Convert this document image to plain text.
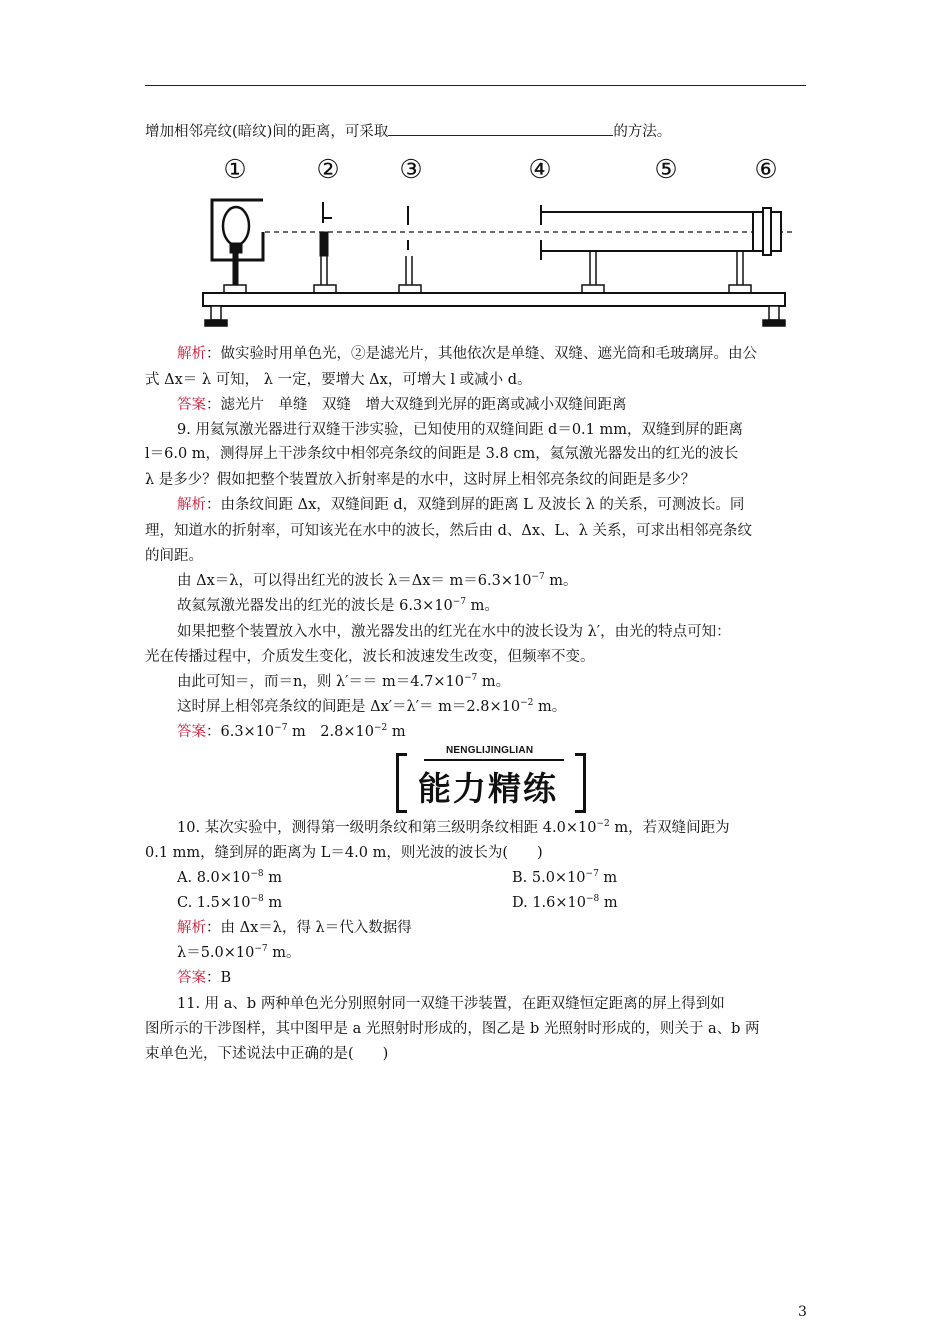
增加相邻亮纹(暗纹)间的距离，可采取	的方法。
①	② ③	④	⑤	⑥
解析：做实验时用单色光，②是滤光片，其他依次是单缝、双缝、遮光筒和毛玻璃屏。由公
式 Δx＝ λ 可知， λ 一定，要增大 Δx，可增大 l 或减小 d。
答案：滤光片　单缝　双缝　增大双缝到光屏的距离或减小双缝间距离
9. 用氦氖激光器进行双缝干涉实验，已知使用的双缝间距 d＝0.1 mm，双缝到屏的距离
l＝6.0 m，测得屏上干涉条纹中相邻亮条纹的间距是 3.8 cm，氦氖激光器发出的红光的波长
λ 是多少？假如把整个装置放入折射率是的水中，这时屏上相邻亮条纹的间距是多少？
解析：由条纹间距 Δx，双缝间距 d，双缝到屏的距离 L 及波长 λ 的关系，可测波长。同
理，知道水的折射率，可知该光在水中的波长，然后由 d、Δx、L、λ 关系，可求出相邻亮条纹
的间距。
由 Δx＝λ，可以得出红光的波长 $\lambda=\Delta x= m=6.3\times 10^{-7}$ m。
故氦氖激光器发出的红光的波长是 $6.3\times 10^{-7}$ m。
如果把整个装置放入水中，激光器发出的红光在水中的波长设为 λ′，由光的特点可知：
光在传播过程中，介质发生变化，波长和波速发生改变，但频率不变。
由此可知＝，而＝n，则 $\lambda'== m=4.7\times 10^{-7}$ m。
这时屏上相邻亮条纹的间距是 $\Delta x'=\lambda'= m=2.8\times 10^{-2}$ m。
答案：$6.3\times 10^{-7}$ m　$2.8\times 10^{-2}$ m
NENGLIJINGLIAN
能力精练
10. 某次实验中，测得第一级明条纹和第三级明条纹相距 $4.0\times 10^{-2}$ m，若双缝间距为
0.1 mm，缝到屏的距离为 L＝4.0 m，则光波的波长为(　　)
A. $8.0\times 10^{-8}$ m	B. $5.0\times 10^{-7}$ m
C. $1.5\times 10^{-8}$ m	D. $1.6\times 10^{-8}$ m
解析：由 Δx＝λ，得 λ＝代入数据得
$\lambda=5.0\times 10^{-7}$ m。
答案：B
11. 用 a、b 两种单色光分别照射同一双缝干涉装置，在距双缝恒定距离的屏上得到如
图所示的干涉图样，其中图甲是 a 光照射时形成的，图乙是 b 光照射时形成的，则关于 a、b 两
束单色光，下述说法中正确的是(　　)
3
